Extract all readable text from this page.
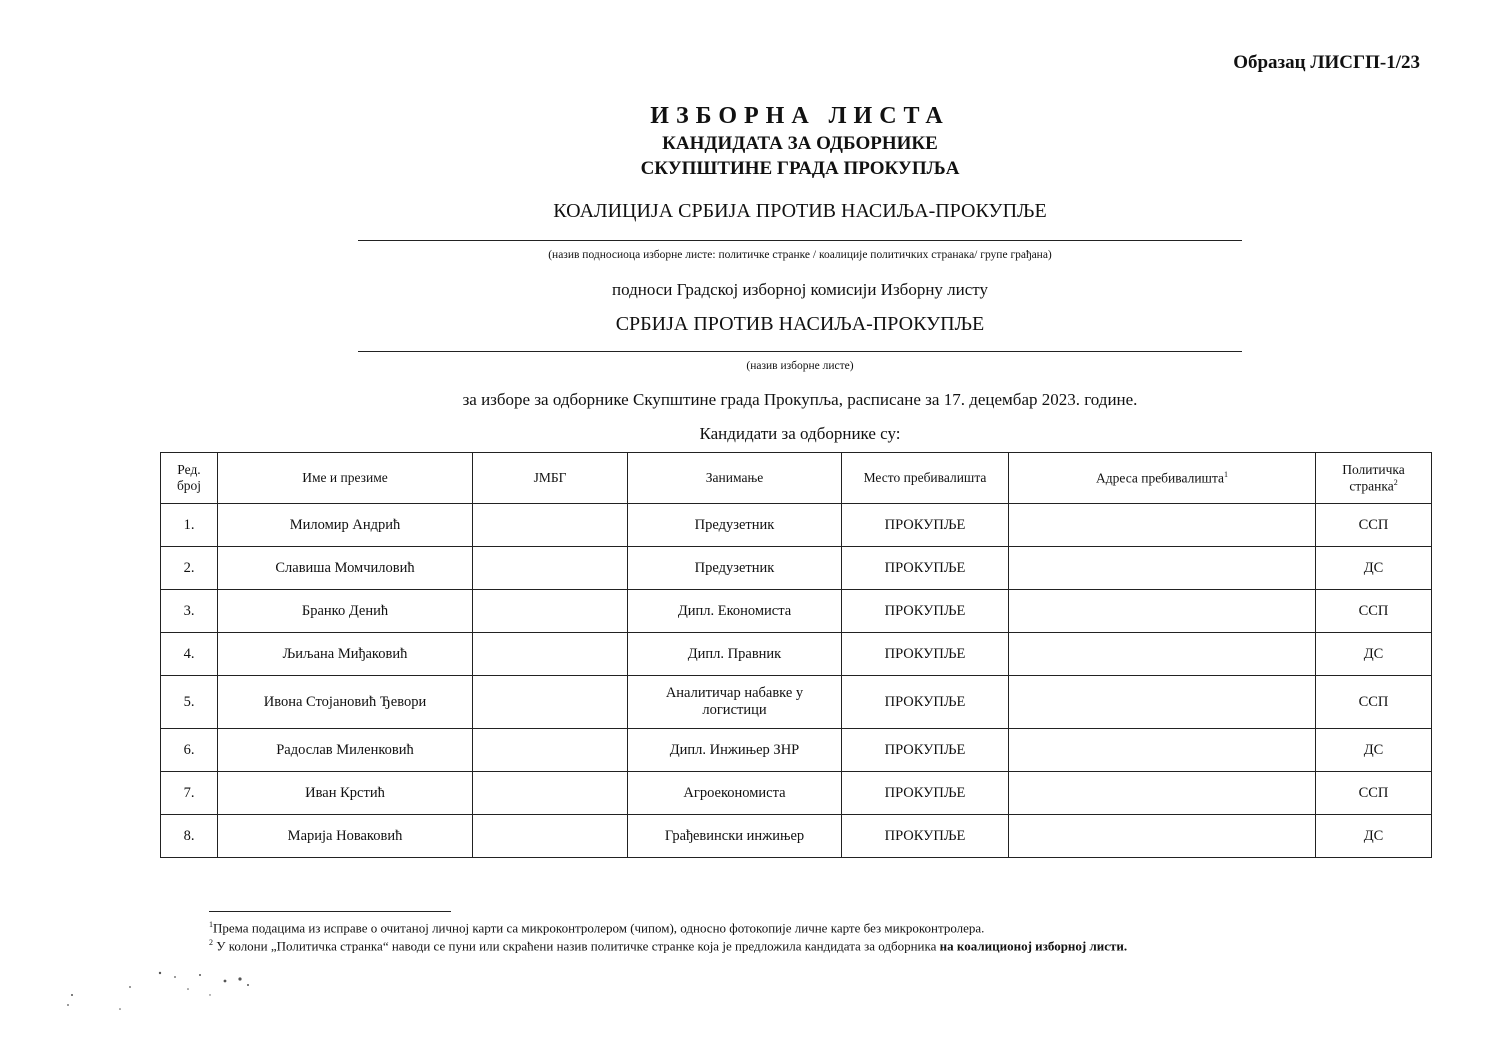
Образац ЛИСГП-1/23
ИЗБОРНА ЛИСТА
КАНДИДАТА ЗА ОДБОРНИКЕ
СКУПШТИНЕ ГРАДА ПРОКУПЉА
КОАЛИЦИЈА СРБИЈА ПРОТИВ НАСИЉА-ПРОКУПЉЕ
(назив подносиоца изборне листе: политичке странке / коалиције политичких странака/ групе грађана)
подноси Градској изборној комисији Изборну листу
СРБИЈА ПРОТИВ НАСИЉА-ПРОКУПЉЕ
(назив изборне листе)
за изборе за одборнике Скупштине града Прокупља, расписане за 17. децембар 2023. године.
Кандидати за одборнике су:
Ред.
број	Име и презиме	ЈМБГ	Занимање	Место пребивалишта	Адреса пребивалишта$^1$	Политичка
странка$^2$
1.	Миломир Андрић		Предузетник	ПРОКУПЉЕ		ССП
2.	Славиша Момчиловић		Предузетник	ПРОКУПЉЕ		ДС
3.	Бранко Денић		Дипл. Економиста	ПРОКУПЉЕ		ССП
4.	Љиљана Миђаковић		Дипл. Правник	ПРОКУПЉЕ		ДС
5.	Ивона Стојановић Ђевори		Аналитичар набавке у логистици	ПРОКУПЉЕ		ССП
6.	Радослав Миленковић		Дипл. Инжињер ЗНР	ПРОКУПЉЕ		ДС
7.	Иван Крстић		Агроекономиста	ПРОКУПЉЕ		ССП
8.	Марија Новаковић		Грађевински инжињер	ПРОКУПЉЕ		ДС
$^1$Према подацима из исправе о очитаној личној карти са микроконтролером (чипом), односно фотокопије личне карте без микроконтролера.
$^2$ У колони „Политичка странка“ наводи се пуни или скраћени назив политичке странке која је предложила кандидата за одборника на коалиционој изборној листи.
